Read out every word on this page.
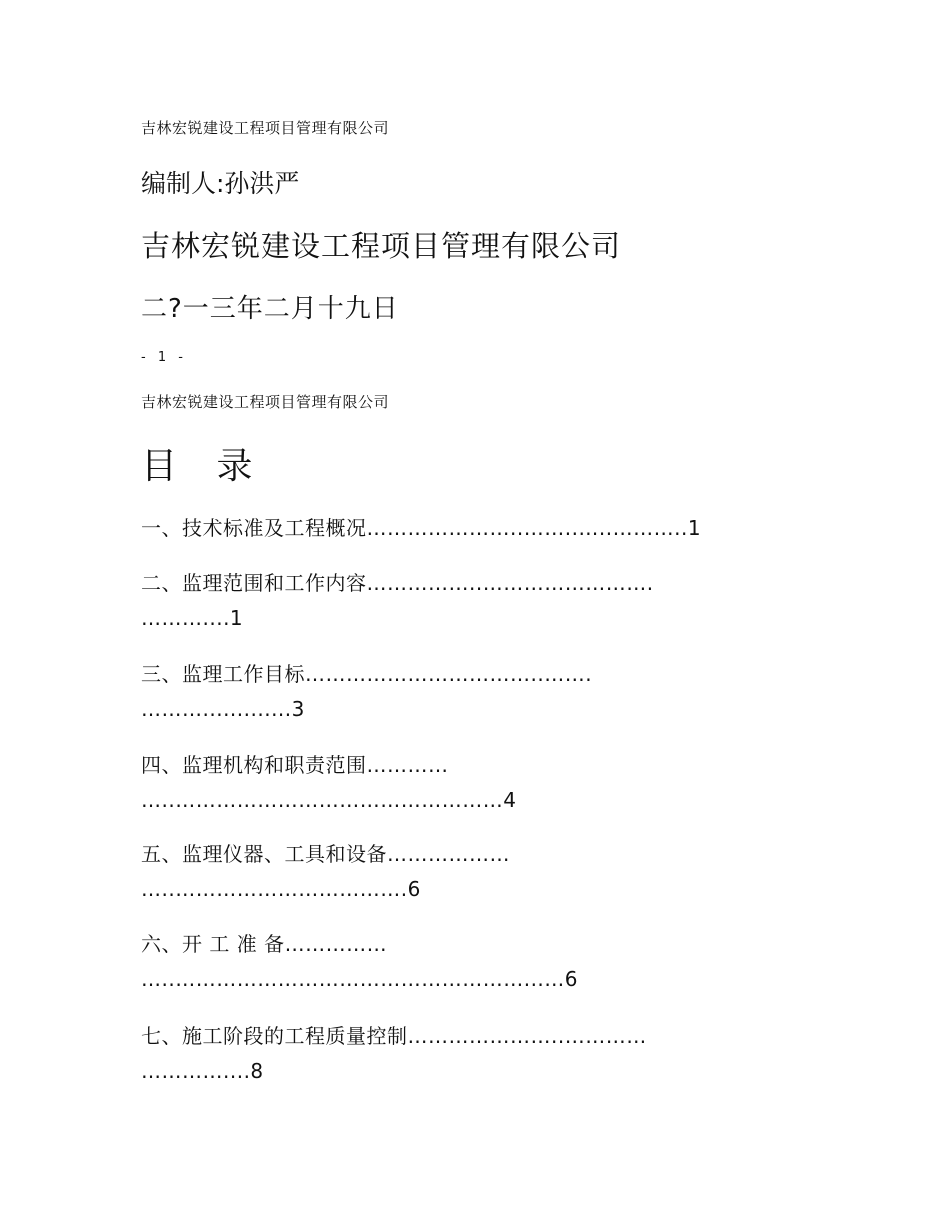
吉林宏锐建设工程项目管理有限公司
编制人:孙洪严
吉林宏锐建设工程项目管理有限公司
二?一三年二月十九日
- 1 -
吉林宏锐建设工程项目管理有限公司
目 录
一、技术标准及工程概况…………………..……..…..………..1
二、监理范围和工作内容……………..…………………….
………....1
三、监理工作目标……………………………..…….
……….............3
四、监理机构和职责范围…………
…..…………………………………………4
五、监理仪器、工具和设备………………
…..…………………………….6
六、开 工 准 备……………
…..……………………………………………...…6
七、施工阶段的工程质量控制…………………..…………
…………....8
